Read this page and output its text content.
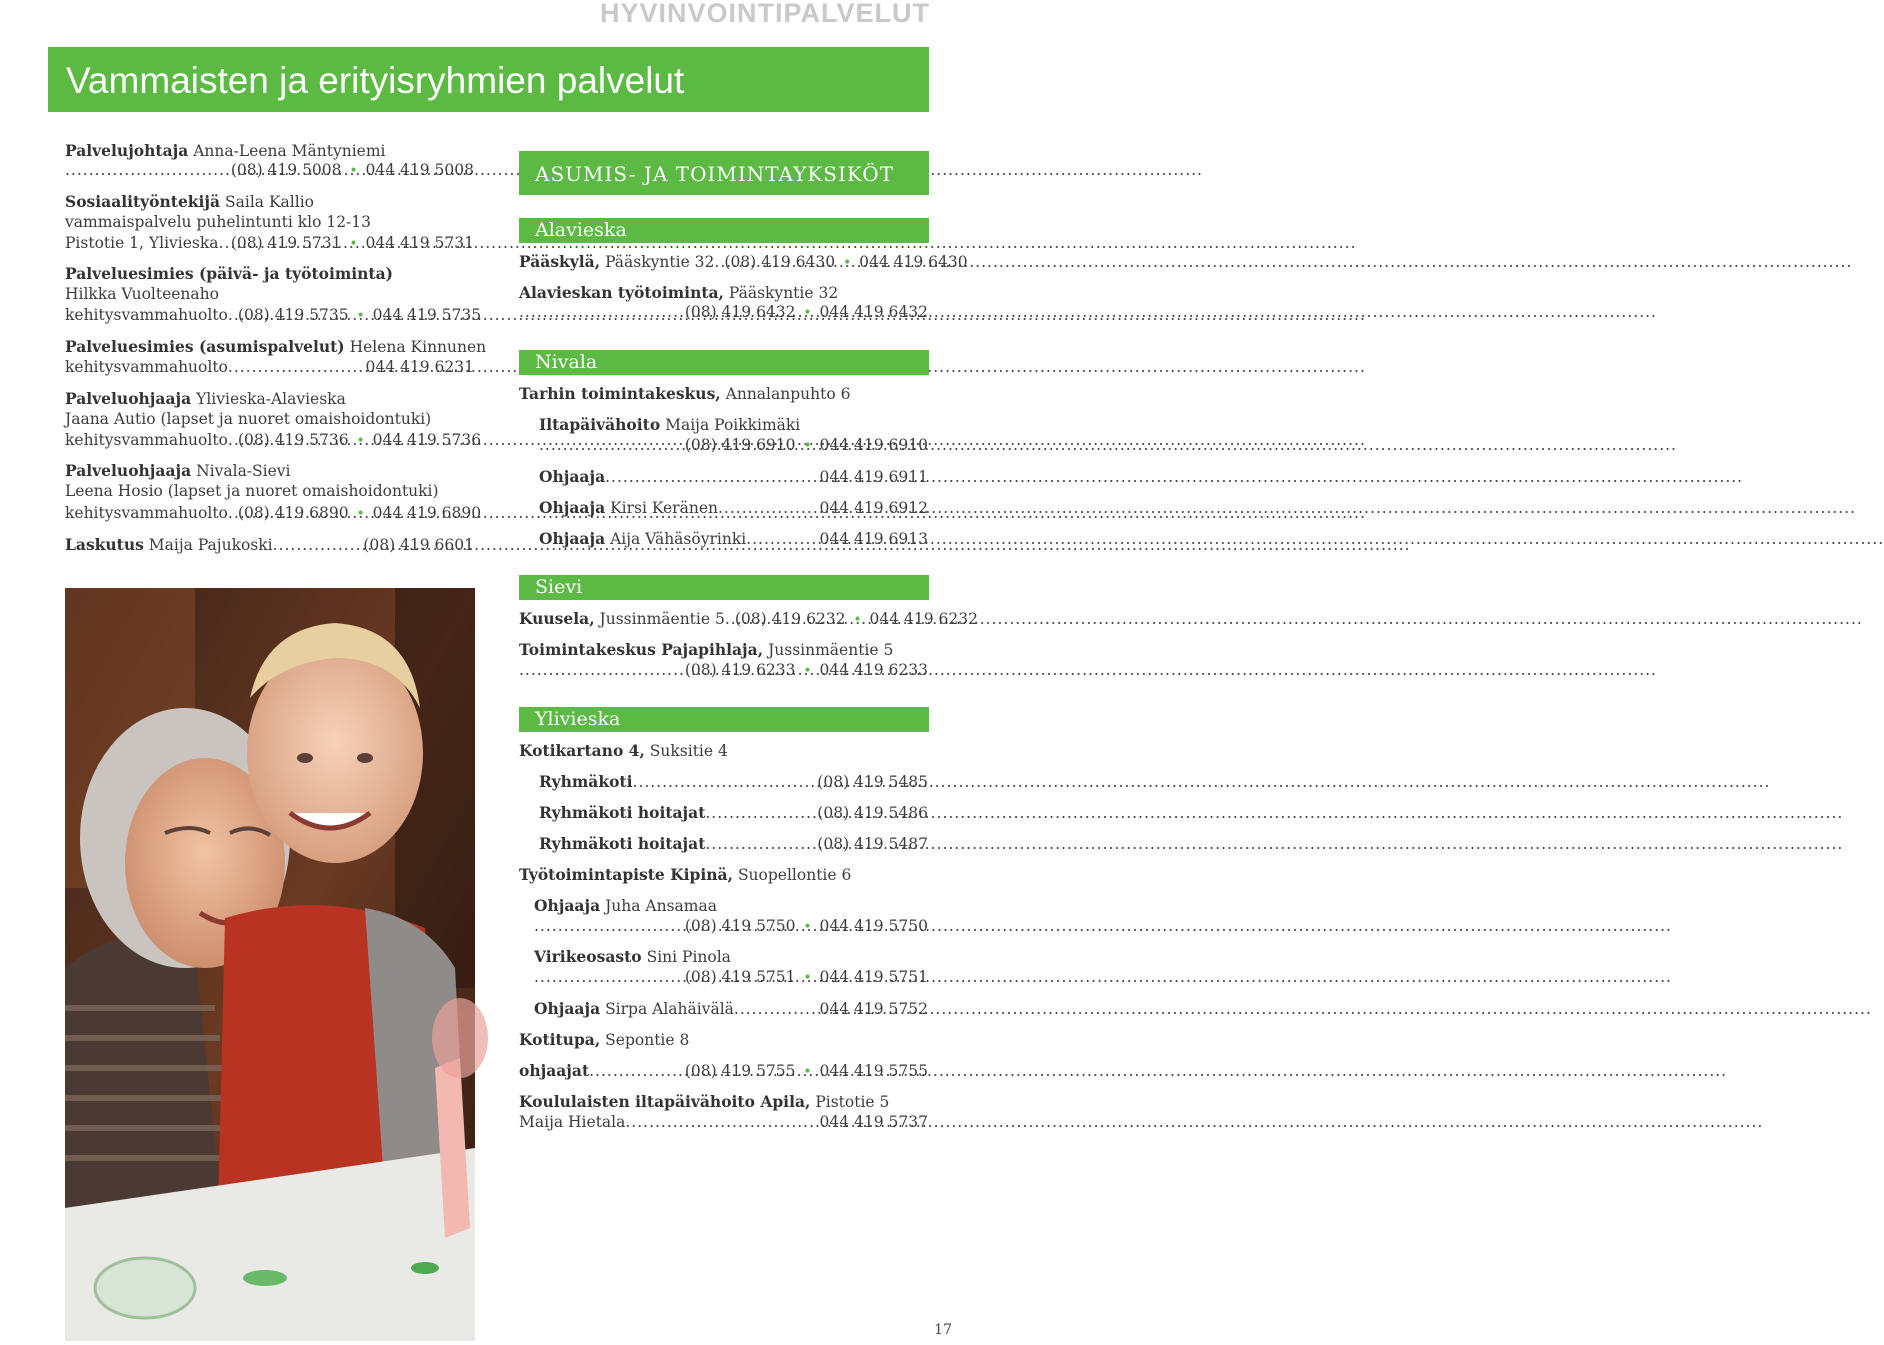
HYVINVOINTIPALVELUT
Vammaisten ja erityisryhmien palvelut
Palvelujohtaja Anna-Leena Mäntyniemi
.....
(08) 419 5008 • 044 419 5008
Sosiaalityöntekijä Saila Kallio
vammaispalvelu puhelintunti klo 12-13
Pistotie 1, Ylivieska ..... (08) 419 5731 • 044 419 5731
Palveluesimies (päivä- ja työtoiminta)
Hilkka Vuolteenaho
kehitysvammahuolto ..... (08) 419 5735 • 044 419 5735
Palveluesimies (asumispalvelut) Helena Kinnunen
kehitysvammahuolto .....	044 419 6231
Palveluohjaaja Ylivieska-Alavieska
Jaana Autio (lapset ja nuoret omaishoidontuki)
kehitysvammahuolto ..... (08) 419 5736 • 044 419 5736
Palveluohjaaja Nivala-Sievi
Leena Hosio (lapset ja nuoret omaishoidontuki)
kehitysvammahuolto ..... (08) 419 6890 • 044 419 6890
Laskutus Maija Pajukoski .....	(08) 419 6601
ASUMIS- JA TOIMINTAYKSIKÖT
Alavieska
Pääskylä, Pääskyntie 32 ..... (08) 419 6430 • 044 419 6430
Alavieskan työtoiminta, Pääskyntie 32
.....
(08) 419 6432 • 044 419 6432
Nivala
Tarhin toimintakeskus, Annalanpuhto 6
Iltapäivähoito Maija Poikkimäki
.....
(08) 419 6910 • 044 419 6910
Ohjaaja .....	044 419 6911
Ohjaaja Kirsi Keränen .....	044 419 6912
Ohjaaja Aija Vähäsöyrinki .....	044 419 6913
Sievi
Kuusela, Jussinmäentie 5 ..... (08) 419 6232 • 044 419 6232
Toimintakeskus Pajapihlaja, Jussinmäentie 5
.....
(08) 419 6233 • 044 419 6233
Ylivieska
Kotikartano 4, Suksitie 4
Ryhmäkoti .....	(08) 419 5485
Ryhmäkoti hoitajat .....	(08) 419 5486
Ryhmäkoti hoitajat .....	(08) 419 5487
Työtoimintapiste Kipinä, Suopellontie 6
Ohjaaja Juha Ansamaa
.....
(08) 419 5750 • 044 419 5750
Virikeosasto Sini Pinola
.....
(08) 419 5751 • 044 419 5751
Ohjaaja Sirpa Alahäivälä .....	044 419 5752
Kotitupa, Sepontie 8
ohjaajat .....	(08) 419 5755 • 044 419 5755
Koululaisten iltapäivähoito Apila, Pistotie 5
Maija Hietala .....	044 419 5737
17
